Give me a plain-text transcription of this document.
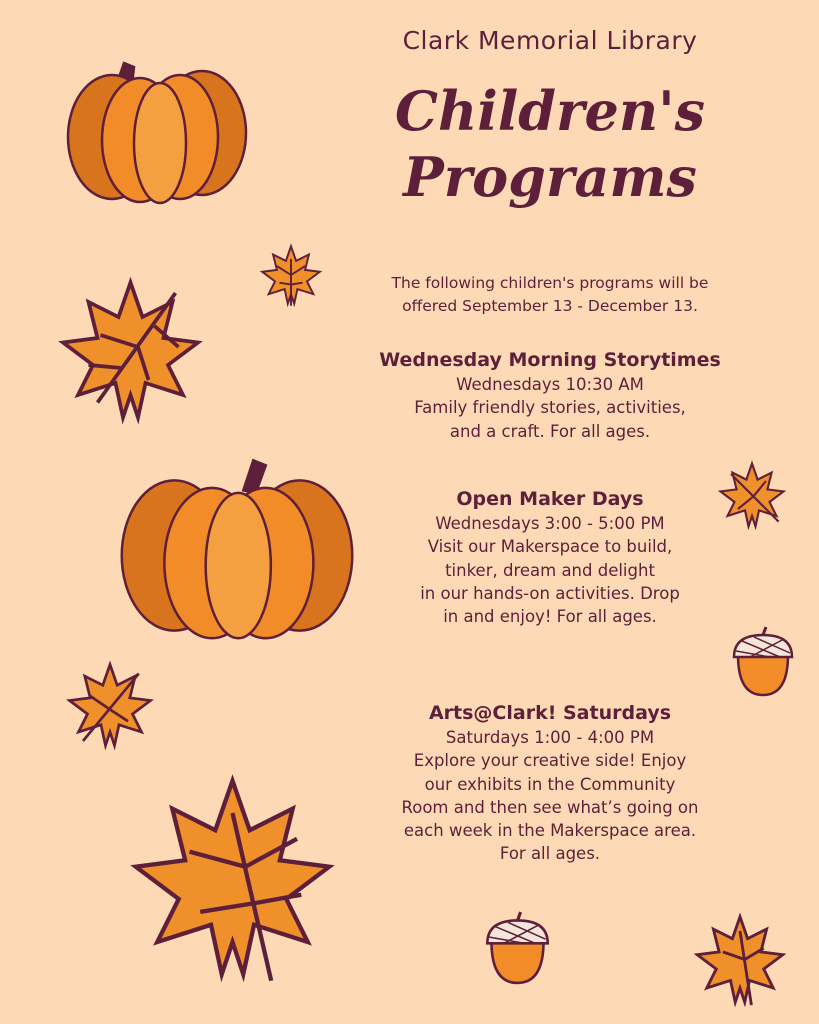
Clark Memorial Library
Children's
Programs
The following children's programs will be
offered September 13 - December 13.
Wednesday Morning Storytimes
Wednesdays 10:30 AM
Family friendly stories, activities,
and a craft. For all ages.
Open Maker Days
Wednesdays 3:00 - 5:00 PM
Visit our Makerspace to build,
tinker, dream and delight
in our hands-on activities. Drop
in and enjoy! For all ages.
Arts@Clark! Saturdays
Saturdays 1:00 - 4:00 PM
Explore your creative side! Enjoy
our exhibits in the Community
Room and then see what’s going on
each week in the Makerspace area.
For all ages.
